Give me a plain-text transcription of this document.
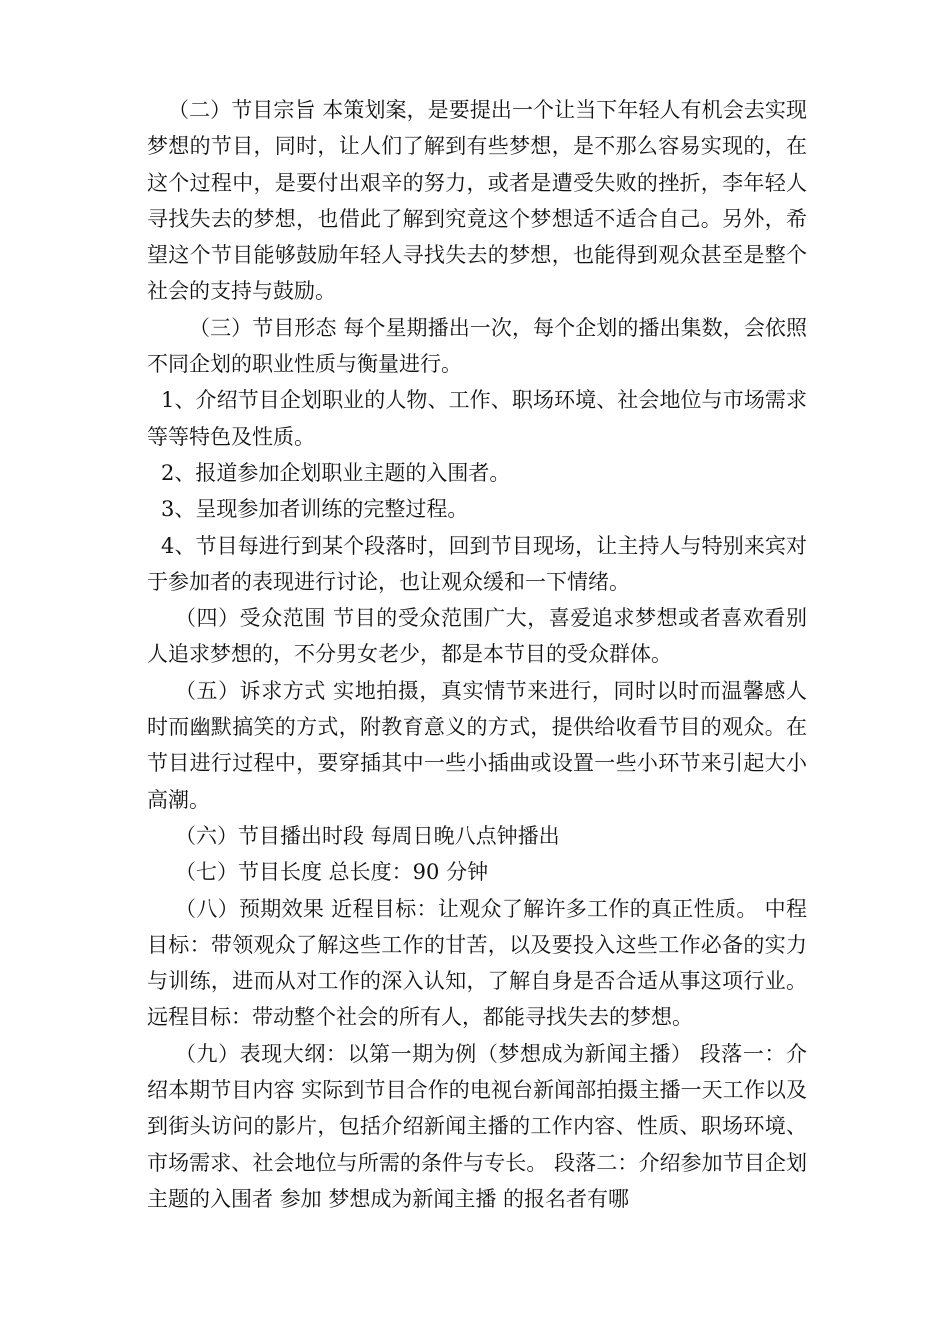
（二）节目宗旨 本策划案，是要提出一个让当下年轻人有机会去实现梦想的节目，同时，让人们了解到有些梦想，是不那么容易实现的，在这个过程中，是要付出艰辛的努力，或者是遭受失败的挫折，李年轻人寻找失去的梦想，也借此了解到究竟这个梦想适不适合自己。另外，希望这个节目能够鼓励年轻人寻找失去的梦想，也能得到观众甚至是整个社会的支持与鼓励。

（三）节目形态 每个星期播出一次，每个企划的播出集数，会依照不同企划的职业性质与衡量进行。

1、介绍节目企划职业的人物、工作、职场环境、社会地位与市场需求等等特色及性质。

2、报道参加企划职业主题的入围者。

3、呈现参加者训练的完整过程。

4、节目每进行到某个段落时，回到节目现场，让主持人与特别来宾对于参加者的表现进行讨论，也让观众缓和一下情绪。

（四）受众范围 节目的受众范围广大，喜爱追求梦想或者喜欢看别人追求梦想的，不分男女老少，都是本节目的受众群体。

（五）诉求方式 实地拍摄，真实情节来进行，同时以时而温馨感人时而幽默搞笑的方式，附教育意义的方式，提供给收看节目的观众。在节目进行过程中，要穿插其中一些小插曲或设置一些小环节来引起大小高潮。

（六）节目播出时段 每周日晚八点钟播出

（七）节目长度 总长度：90 分钟

（八）预期效果 近程目标：让观众了解许多工作的真正性质。 中程目标：带领观众了解这些工作的甘苦，以及要投入这些工作必备的实力与训练，进而从对工作的深入认知，了解自身是否合适从事这项行业。 远程目标：带动整个社会的所有人，都能寻找失去的梦想。

（九）表现大纲：以第一期为例（梦想成为新闻主播） 段落一：介绍本期节目内容 实际到节目合作的电视台新闻部拍摄主播一天工作以及到街头访问的影片，包括介绍新闻主播的工作内容、性质、职场环境、市场需求、社会地位与所需的条件与专长。 段落二：介绍参加节目企划主题的入围者 参加 梦想成为新闻主播 的报名者有哪
